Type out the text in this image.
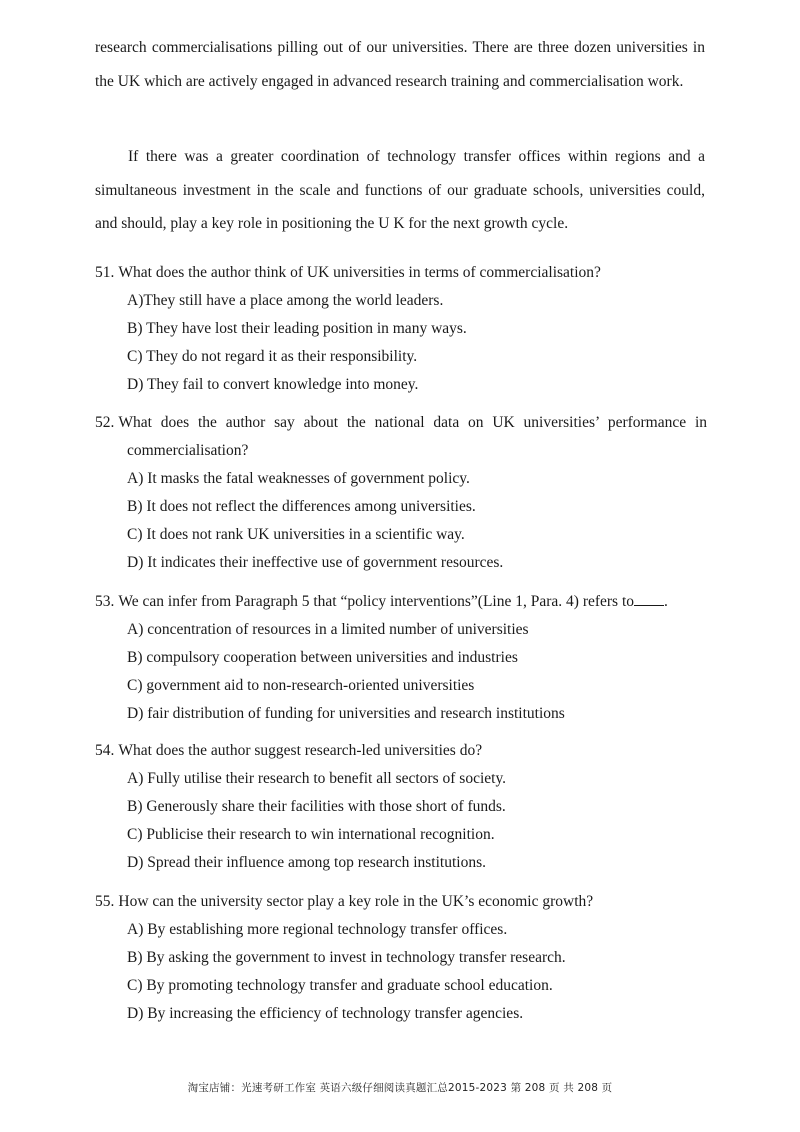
research commercialisations pilling out of our universities. There are three dozen universities in the UK which are actively engaged in advanced research training and commercialisation work.

If there was a greater coordination of technology transfer offices within regions and a simultaneous investment in the scale and functions of our graduate schools, universities could, and should, play a key role in positioning the U K for the next growth cycle.

51. What does the author think of UK universities in terms of commercialisation?
A)They still have a place among the world leaders.
B) They have lost their leading position in many ways.
C) They do not regard it as their responsibility.
D) They fail to convert knowledge into money.
52. What does the author say about the national data on UK universities’ performance in commercialisation?
A) It masks the fatal weaknesses of government policy.
B) It does not reflect the differences among universities.
C) It does not rank UK universities in a scientific way.
D) It indicates their ineffective use of government resources.
53. We can infer from Paragraph 5 that “policy interventions”(Line 1, Para. 4) refers to .
A) concentration of resources in a limited number of universities
B) compulsory cooperation between universities and industries
C) government aid to non-research-oriented universities
D) fair distribution of funding for universities and research institutions
54. What does the author suggest research-led universities do?
A) Fully utilise their research to benefit all sectors of society.
B) Generously share their facilities with those short of funds.
C) Publicise their research to win international recognition.
D) Spread their influence among top research institutions.
55. How can the university sector play a key role in the UK’s economic growth?
A) By establishing more regional technology transfer offices.
B) By asking the government to invest in technology transfer research.
C) By promoting technology transfer and graduate school education.
D) By increasing the efficiency of technology transfer agencies.
淘宝店铺：光速考研工作室 英语六级仔细阅读真题汇总2015-2023 第 208 页 共 208 页
